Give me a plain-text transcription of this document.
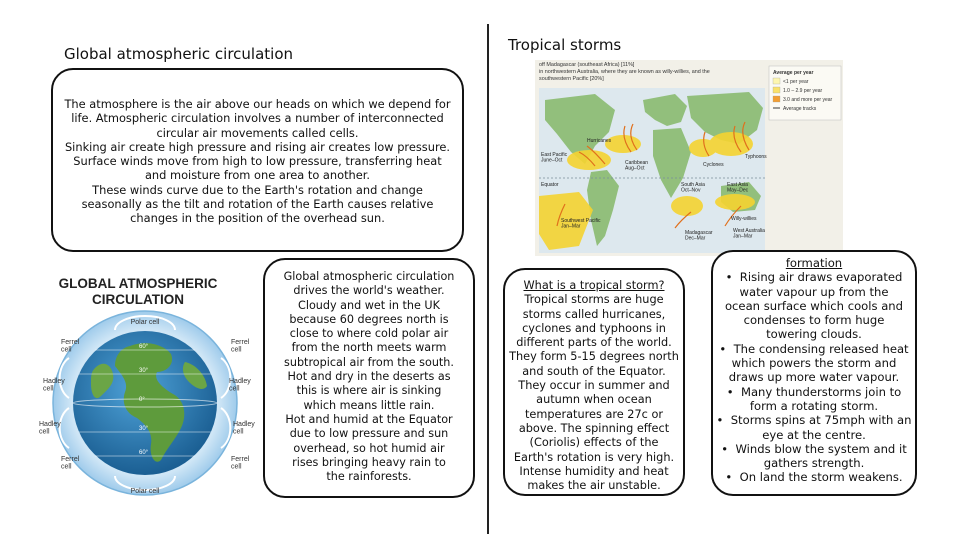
Global atmospheric circulation
The atmosphere is the air above our heads on which we depend for
life. Atmospheric circulation involves a number of interconnected
circular air movements called cells.
Sinking air create high pressure and rising air creates low pressure.
Surface winds move from high to low pressure, transferring heat
and moisture from one area to another.
These winds curve due to the Earth's rotation and change
seasonally as the tilt and rotation of the Earth causes relative
changes in the position of the overhead sun.
GLOBAL ATMOSPHERIC
CIRCULATION
Polar cell
Polar cell
Ferrel cell
Ferrel cell
Hadley cell
Hadley cell
Hadley cell
Hadley cell
Ferrel cell
Ferrel cell
60°
30°
0°
30°
60°
Global atmospheric circulation
drives the world's weather.
Cloudy and wet in the UK
because 60 degrees north is
close to where cold polar air
from the north meets warm
subtropical air from the south.
Hot and dry in the deserts as
this is where air is sinking
which means little rain.
Hot and humid at the Equator
due to low pressure and sun
overhead, so hot humid air
rises bringing heavy rain to
the rainforests.
Tropical storms
off Madagascar (southeast Africa) [11%]
in northwestern Australia, where they are known as willy-willies, and the
southwestern Pacific [20%]
East Pacific June–Oct
Hurricanes
Caribbean Aug–Oct
Cyclones
Typhoons
South Asia Oct–Nov
East Asia May–Dec
Equator
Southwest Pacific Jan–Mar
Madagascar Dec–Mar
Willy-willies
West Australia Jan–Mar
Average per year
<1 per year
1.0 – 2.9 per year
3.0 and more per year
Average tracks
What is a tropical storm?
Tropical storms are huge
storms called hurricanes,
cyclones and typhoons in
different parts of the world.
They form 5-15 degrees north
and south of the Equator.
They occur in summer and
autumn when ocean
temperatures are 27c or
above. The spinning effect
(Coriolis) effects of the
Earth's rotation is very high.
Intense humidity and heat
makes the air unstable.
formation
• Rising air draws evaporated
water vapour up from the
ocean surface which cools and
condenses to form huge
towering clouds.
• The condensing released heat
which powers the storm and
draws up more water vapour.
• Many thunderstorms join to
form a rotating storm.
• Storms spins at 75mph with an
eye at the centre.
• Winds blow the system and it
gathers strength.
• On land the storm weakens.
